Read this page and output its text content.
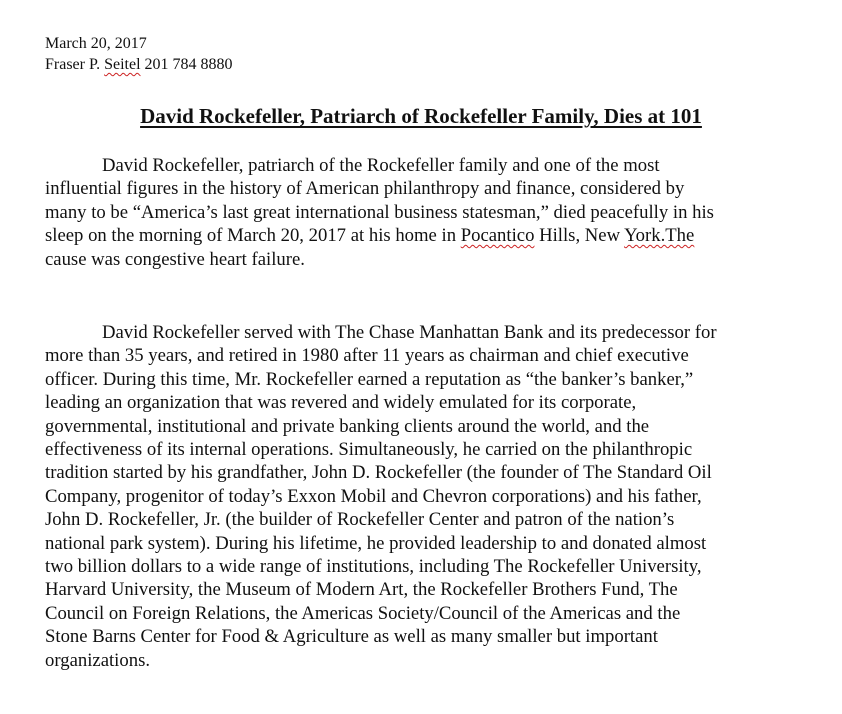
March 20, 2017
Fraser P. Seitel 201 784 8880
David Rockefeller, Patriarch of Rockefeller Family, Dies at 101
David Rockefeller, patriarch of the Rockefeller family and one of the most
influential figures in the history of American philanthropy and finance, considered by
many to be “America’s last great international business statesman,” died peacefully in his
sleep on the morning of March 20, 2017 at his home in Pocantico Hills, New York.The
cause was congestive heart failure.
David Rockefeller served with The Chase Manhattan Bank and its predecessor for
more than 35 years, and retired in 1980 after 11 years as chairman and chief executive
officer. During this time, Mr. Rockefeller earned a reputation as “the banker’s banker,”
leading an organization that was revered and widely emulated for its corporate,
governmental, institutional and private banking clients around the world, and the
effectiveness of its internal operations. Simultaneously, he carried on the philanthropic
tradition started by his grandfather, John D. Rockefeller (the founder of The Standard Oil
Company, progenitor of today’s Exxon Mobil and Chevron corporations) and his father,
John D. Rockefeller, Jr. (the builder of Rockefeller Center and patron of the nation’s
national park system). During his lifetime, he provided leadership to and donated almost
two billion dollars to a wide range of institutions, including The Rockefeller University,
Harvard University, the Museum of Modern Art, the Rockefeller Brothers Fund, The
Council on Foreign Relations, the Americas Society/Council of the Americas and the
Stone Barns Center for Food & Agriculture as well as many smaller but important
organizations.
